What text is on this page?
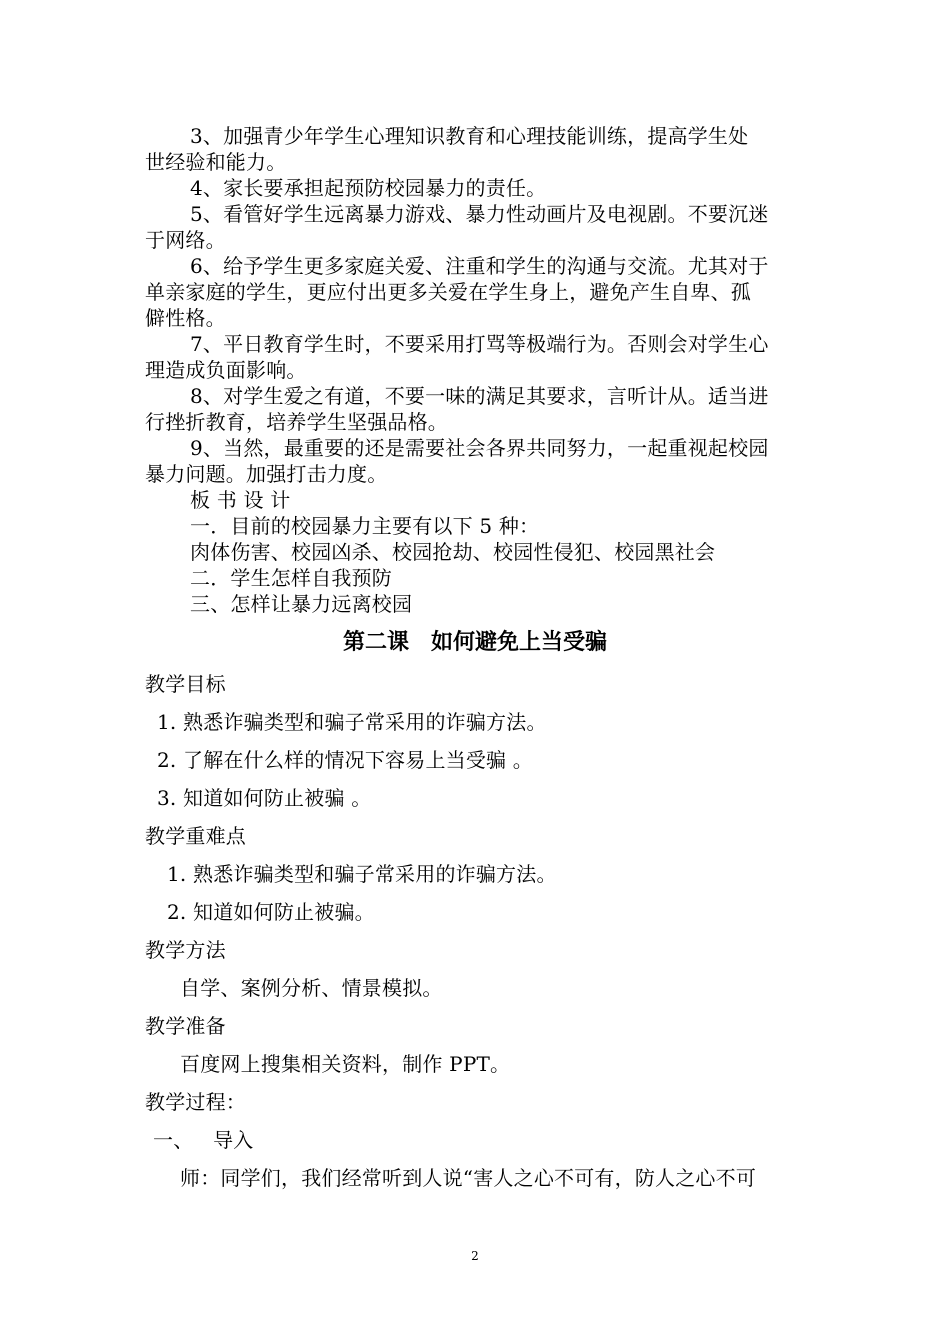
3、加强青少年学生心理知识教育和心理技能训练，提高学生处
世经验和能力。
4、家长要承担起预防校园暴力的责任。
5、看管好学生远离暴力游戏、暴力性动画片及电视剧。不要沉迷
于网络。
6、给予学生更多家庭关爱、注重和学生的沟通与交流。尤其对于
单亲家庭的学生，更应付出更多关爱在学生身上，避免产生自卑、孤
僻性格。
7、平日教育学生时，不要采用打骂等极端行为。否则会对学生心
理造成负面影响。
8、对学生爱之有道，不要一味的满足其要求，言听计从。适当进
行挫折教育，培养学生坚强品格。
9、当然，最重要的还是需要社会各界共同努力，一起重视起校园
暴力问题。加强打击力度。
板 书 设 计
一．目前的校园暴力主要有以下 5 种：
肉体伤害、校园凶杀、校园抢劫、校园性侵犯、校园黑社会
二．学生怎样自我预防
三、怎样让暴力远离校园
第二课　如何避免上当受骗
教学目标
1. 熟悉诈骗类型和骗子常采用的诈骗方法。
2. 了解在什么样的情况下容易上当受骗 。
3. 知道如何防止被骗 。
教学重难点
1. 熟悉诈骗类型和骗子常采用的诈骗方法。
2. 知道如何防止被骗。
教学方法
自学、案例分析、情景模拟。
教学准备
百度网上搜集相关资料，制作 PPT。
教学过程：
一、   导入
师：同学们，我们经常听到人说“害人之心不可有，防人之心不可
2
